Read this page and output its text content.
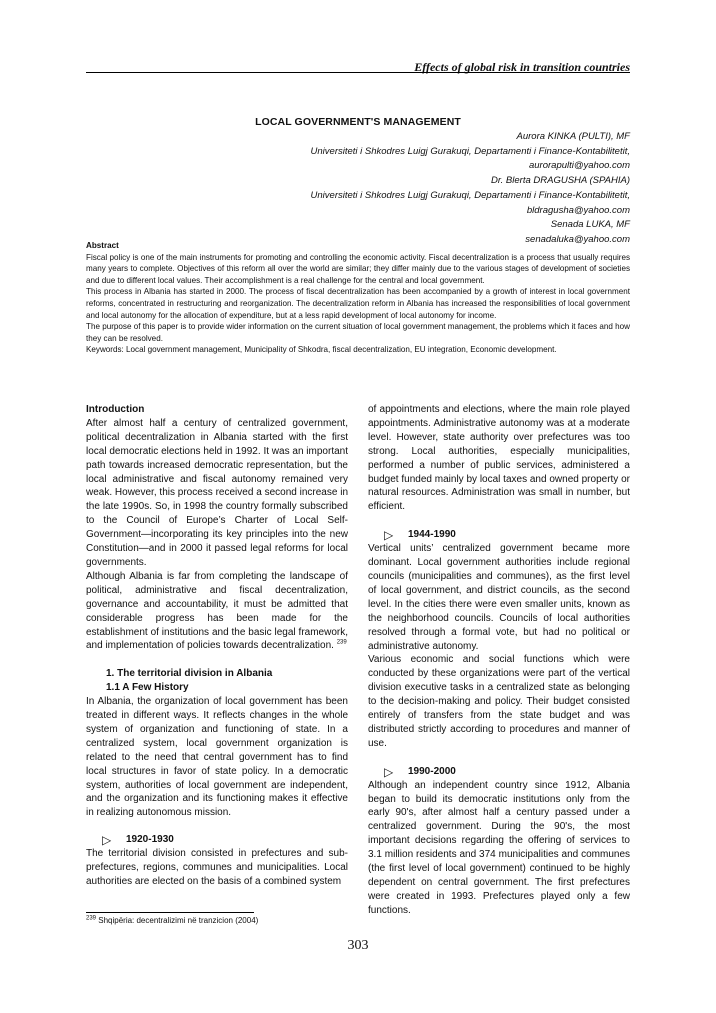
Effects of global risk in transition countries
LOCAL GOVERNMENT'S MANAGEMENT
Aurora KINKA (PULTI), MF
Universiteti i Shkodres Luigj Gurakuqi, Departamenti i Finance-Kontabilitetit,
aurorapulti@yahoo.com
Dr. Blerta DRAGUSHA (SPAHIA)
Universiteti i Shkodres Luigj Gurakuqi, Departamenti i Finance-Kontabilitetit,
bldragusha@yahoo.com
Senada LUKA, MF
senadaluka@yahoo.com

Abstract

Fiscal policy is one of the main instruments for promoting and controlling the economic activity. Fiscal decentralization is a process that usually requires many years to complete. Objectives of this reform all over the world are similar; they differ mainly due to the various stages of development of societies and due to different local values. Their accomplishment is a real challenge for the central and local government.

This process in Albania has started in 2000. The process of fiscal decentralization has been accompanied by a growth of interest in local government reforms, concentrated in restructuring and reorganization. The decentralization reform in Albania has increased the responsibilities of local government and local autonomy for the allocation of expenditure, but at a less rapid development of local autonomy for income.

The purpose of this paper is to provide wider information on the current situation of local government management, the problems which it faces and how they can be resolved.

Keywords: Local government management, Municipality of Shkodra, fiscal decentralization, EU integration, Economic development.

Introduction

After almost half a century of centralized government, political decentralization in Albania started with the first local democratic elections held in 1992. It was an important path towards increased democratic representation, but the local administrative and fiscal autonomy remained very weak. However, this process received a second increase in the late 1990s. So, in 1998 the country formally subscribed to the Council of Europe’s Charter of Local Self-Government—incorporating its key principles into the new Constitution—and in 2000 it passed legal reforms for local governments.

Although Albania is far from completing the landscape of political, administrative and fiscal decentralization, governance and accountability, it must be admitted that considerable progress has been made for the establishment of institutions and the basic legal framework, and implementation of policies towards decentralization. $^{239}$

1. The territorial division in Albania

1.1 A Few History

In Albania, the organization of local government has been treated in different ways. It reflects changes in the whole system of organization and functioning of state. In a centralized system, local government organization is related to the need that central government has to find local structures in favor of state policy. In a democratic system, authorities of local government are independent, and the organization and its functioning makes it effective in realizing autonomous mission.

▷	1920-1930

The territorial division consisted in prefectures and sub-prefectures, regions, communes and municipalities. Local authorities are elected on the basis of a combined system

of appointments and elections, where the main role played appointments. Administrative autonomy was at a moderate level. However, state authority over prefectures was too strong. Local authorities, especially municipalities, performed a number of public services, administered a budget funded mainly by local taxes and owned property or natural resources. Administration was small in number, but efficient.

▷	1944-1990

Vertical units’ centralized government became more dominant. Local government authorities include regional councils (municipalities and communes), as the first level of local government, and district councils, as the second level. In the cities there were even smaller units, known as the neighborhood councils. Councils of local authorities resolved through a formal vote, but had no political or administrative autonomy.

Various economic and social functions which were conducted by these organizations were part of the vertical division executive tasks in a centralized state as belonging to the decision-making and policy. Their budget consisted entirely of transfers from the state budget and was distributed strictly according to procedures and manner of use.

▷	1990-2000

Although an independent country since 1912, Albania began to build its democratic institutions only from the early 90's, after almost half a century passed under a centralized government. During the 90's, the most important decisions regarding the offering of services to 3.1 million residents and 374 municipalities and communes (the first level of local government) continued to be highly dependent on central government. The first prefectures were created in 1993. Prefectures played only a few functions.

$^{239}$ Shqipëria: decentralizimi në tranzicion (2004)
303
